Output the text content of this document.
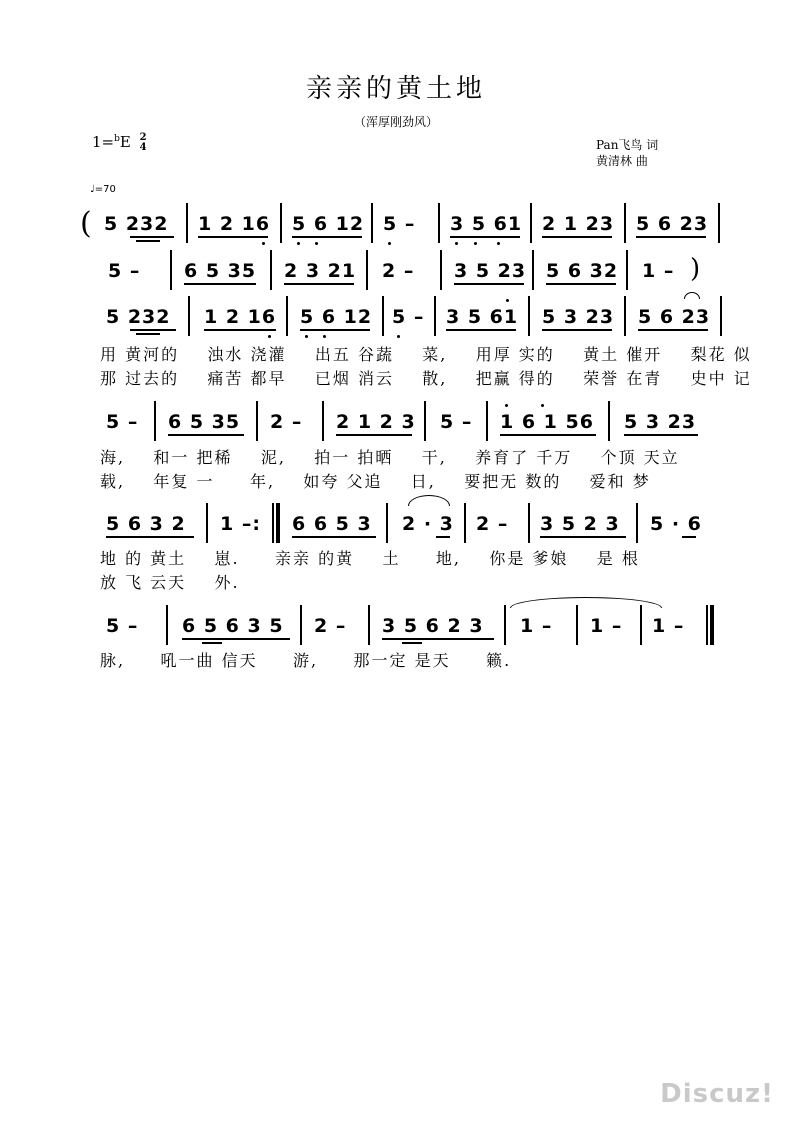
亲亲的黄土地
（浑厚刚劲风）
1=$^b$E 2
4	Pan飞鸟 词
黄清林 曲
♩=70
( 5 232 1 2 16 5 6 12 5 – 3 5 61 2 1 23 5 6 23
5 – 6 5 35 2 3 21 2 – 3 5 23 5 6 32 1 – )
5 232 1 2 16 5 6 12 5 – 3 5 61 5 3 23 5 6 23
用 黄河的    浊水 浇灌    出五 谷蔬    菜,    用厚 实的    黄土 催开    梨花 似
那 过去的    痛苦 都早    已烟 消云    散,    把赢 得的    荣誉 在青    史中 记
5 – 6 5 35 2 – 2 1 2 3 5 – 1 6 1 56 5 3 23
海,    和一 把稀    泥,    拍一 拍晒    干,    养育了 千万    个顶 天立
载,    年复 一     年,    如夸 父追    日,    要把无 数的    爱和 梦
5 6 3 2 1 –: 6 6 5 3 2 · 3 2 – 3 5 2 3 5 · 6
地 的 黄土    崽.     亲亲 的黄    土     地,    你是 爹娘    是 根
放 飞 云天    外.
5 – 6 5 6 3 5 2 – 3 5 6 2 3 1 – 1 – 1 –
脉,     吼一曲 信天     游,     那一定 是天     籁.
Discuz!
